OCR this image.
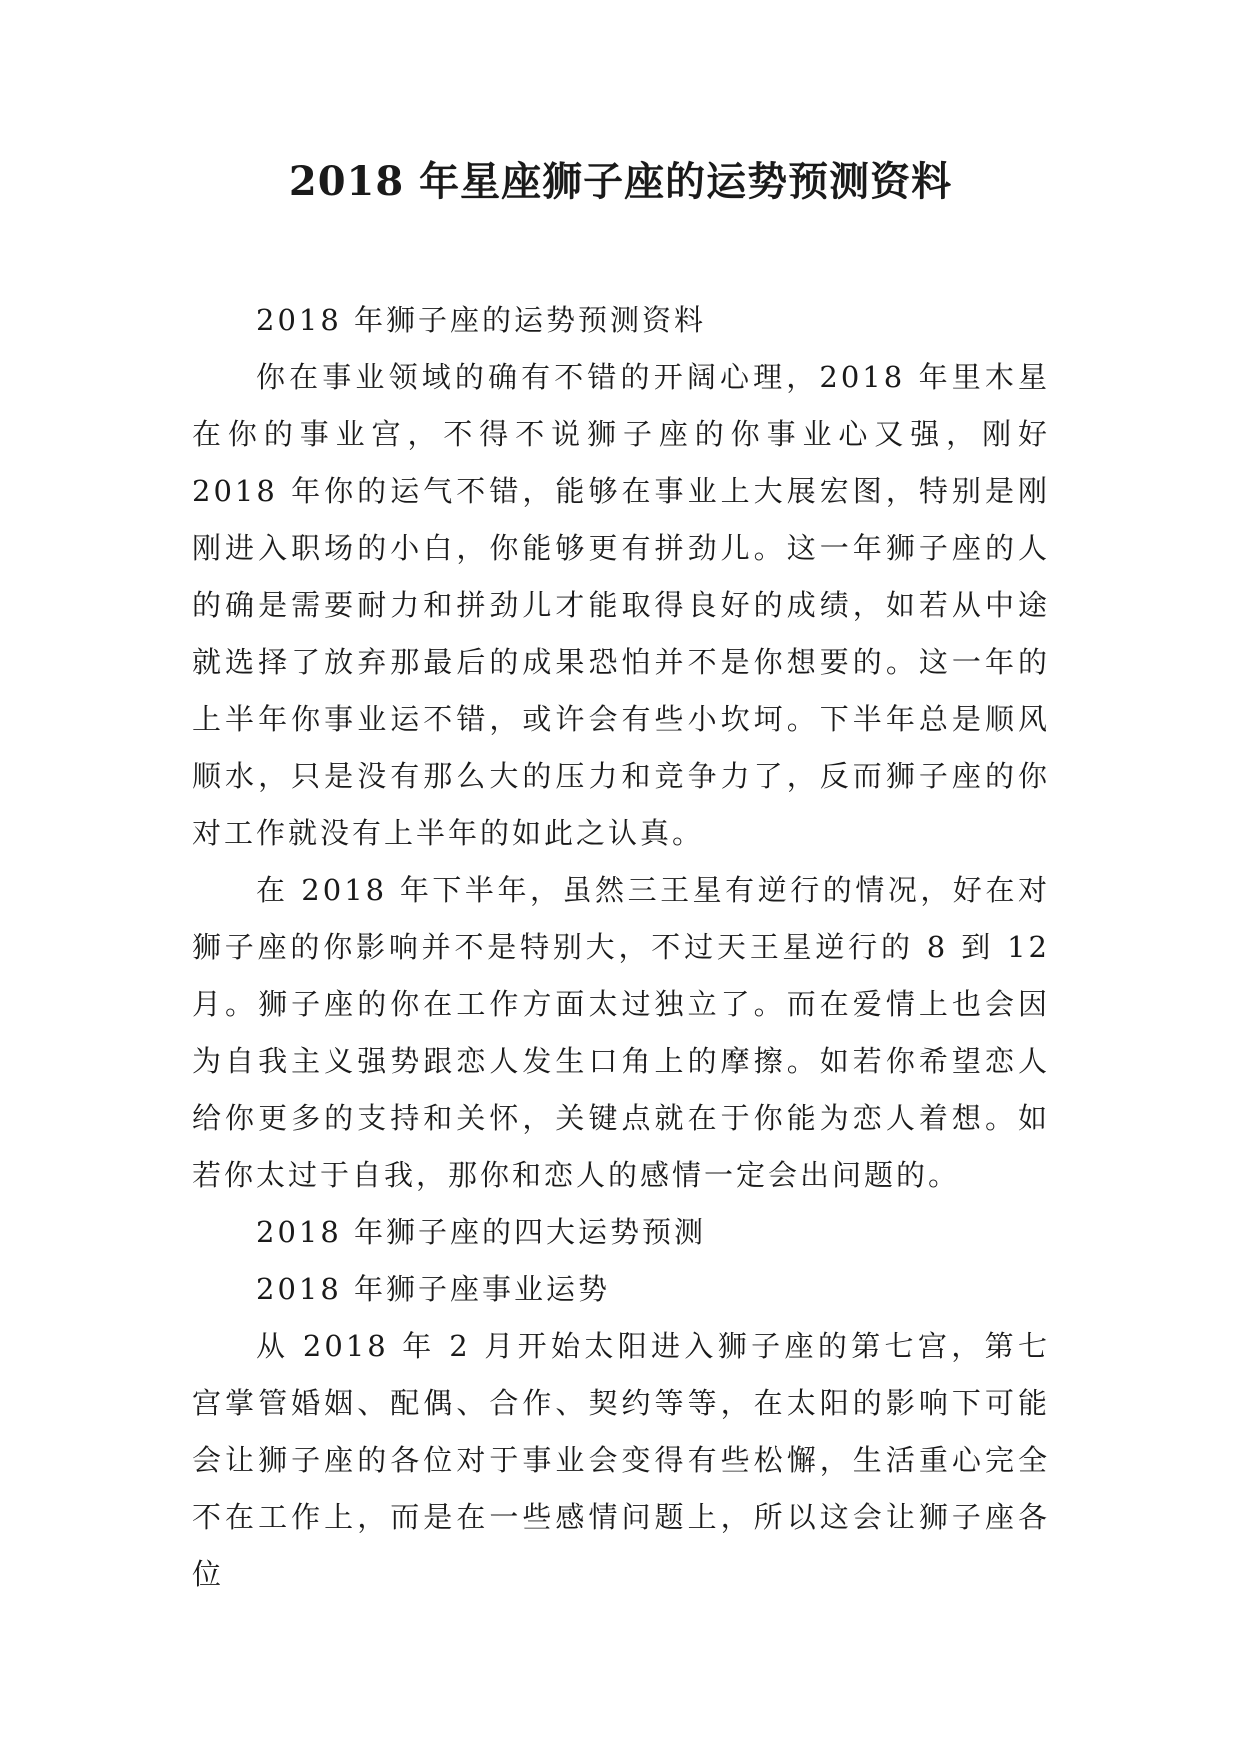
2018 年星座狮子座的运势预测资料

2018 年狮子座的运势预测资料

你在事业领域的确有不错的开阔心理，2018 年里木星在你的事业宫，不得不说狮子座的你事业心又强，刚好 2018 年你的运气不错，能够在事业上大展宏图，特别是刚刚进入职场的小白，你能够更有拼劲儿。这一年狮子座的人的确是需要耐力和拼劲儿才能取得良好的成绩，如若从中途就选择了放弃那最后的成果恐怕并不是你想要的。这一年的上半年你事业运不错，或许会有些小坎坷。下半年总是顺风顺水，只是没有那么大的压力和竞争力了，反而狮子座的你对工作就没有上半年的如此之认真。

在 2018 年下半年，虽然三王星有逆行的情况，好在对狮子座的你影响并不是特别大，不过天王星逆行的 8 到 12 月。狮子座的你在工作方面太过独立了。而在爱情上也会因为自我主义强势跟恋人发生口角上的摩擦。如若你希望恋人给你更多的支持和关怀，关键点就在于你能为恋人着想。如若你太过于自我，那你和恋人的感情一定会出问题的。

2018 年狮子座的四大运势预测

2018 年狮子座事业运势

从 2018 年 2 月开始太阳进入狮子座的第七宫，第七宫掌管婚姻、配偶、合作、契约等等，在太阳的影响下可能会让狮子座的各位对于事业会变得有些松懈，生活重心完全不在工作上，而是在一些感情问题上，所以这会让狮子座各位
